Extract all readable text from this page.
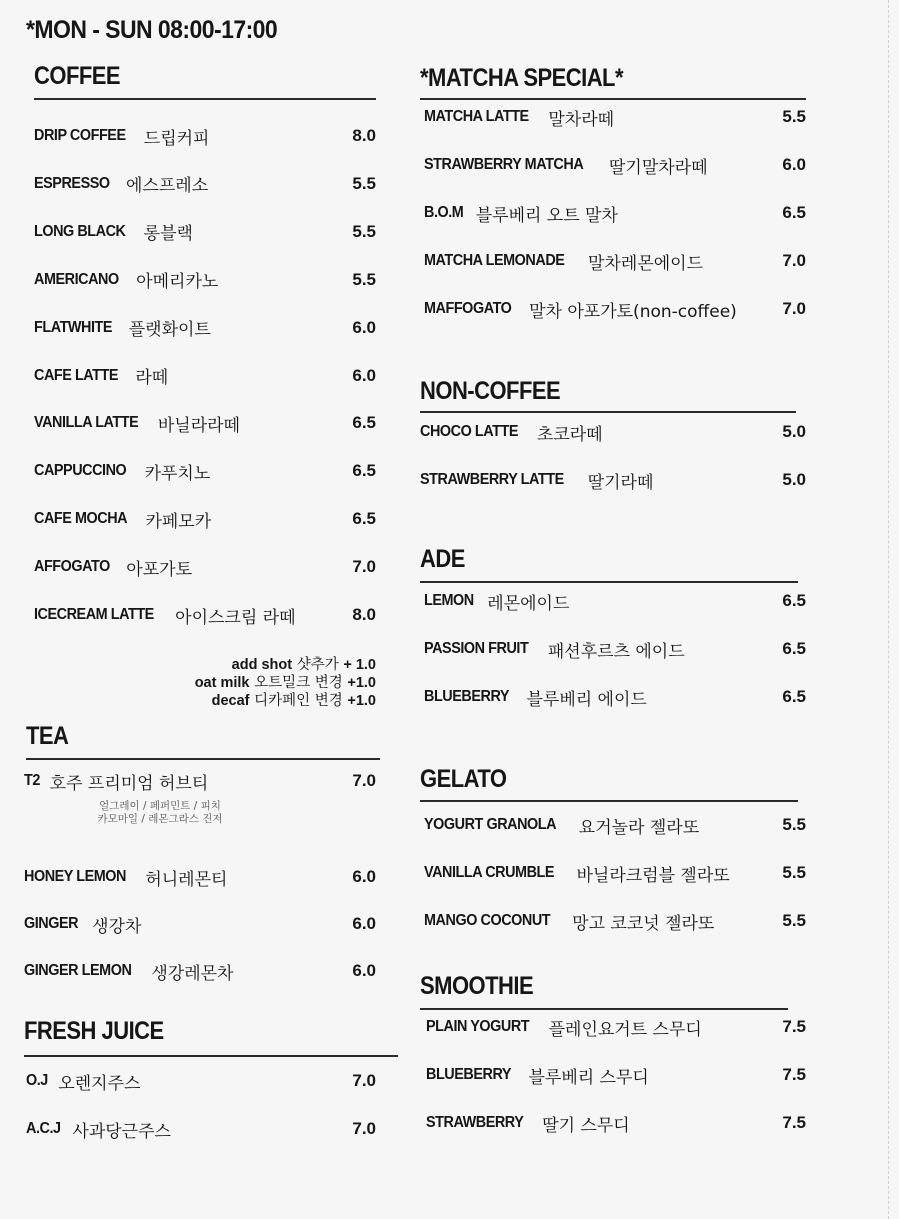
*MON - SUN 08:00-17:00
COFFEE
DRIP COFFEE 드립커피	8.0
ESPRESSO 에스프레소	5.5
LONG BLACK 롱블랙	5.5
AMERICANO 아메리카노	5.5
FLATWHITE 플랫화이트	6.0
CAFE LATTE 라떼	6.0
VANILLA LATTE 바닐라라떼	6.5
CAPPUCCINO 카푸치노	6.5
CAFE MOCHA 카페모카	6.5
AFFOGATO 아포가토	7.0
ICECREAM LATTE 아이스크림 라떼	8.0
add shot 샷추가 + 1.0
oat milk 오트밀크 변경 +1.0
decaf 디카페인 변경 +1.0
TEA
T2 호주 프리미엄 허브티	7.0
HONEY LEMON 허니레몬티	6.0
GINGER 생강차	6.0
GINGER LEMON 생강레몬차	6.0
얼그레이 / 페퍼민트 / 피치
카모마일 / 레몬그라스 진저
FRESH JUICE
O.J 오렌지주스	7.0
A.C.J 사과당근주스	7.0
*MATCHA SPECIAL*
MATCHA LATTE 말차라떼	5.5
STRAWBERRY MATCHA 딸기말차라떼	6.0
B.O.M 블루베리 오트 말차	6.5
MATCHA LEMONADE 말차레몬에이드	7.0
MAFFOGATO 말차 아포가토(non-coffee)	7.0
NON-COFFEE
CHOCO LATTE 초코라떼	5.0
STRAWBERRY LATTE 딸기라떼	5.0
ADE
LEMON 레몬에이드	6.5
PASSION FRUIT 패션후르츠 에이드	6.5
BLUEBERRY 블루베리 에이드	6.5
GELATO
YOGURT GRANOLA 요거놀라 젤라또	5.5
VANILLA CRUMBLE 바닐라크럼블 젤라또	5.5
MANGO COCONUT 망고 코코넛 젤라또	5.5
SMOOTHIE
PLAIN YOGURT 플레인요거트 스무디	7.5
BLUEBERRY 블루베리 스무디	7.5
STRAWBERRY 딸기 스무디	7.5
